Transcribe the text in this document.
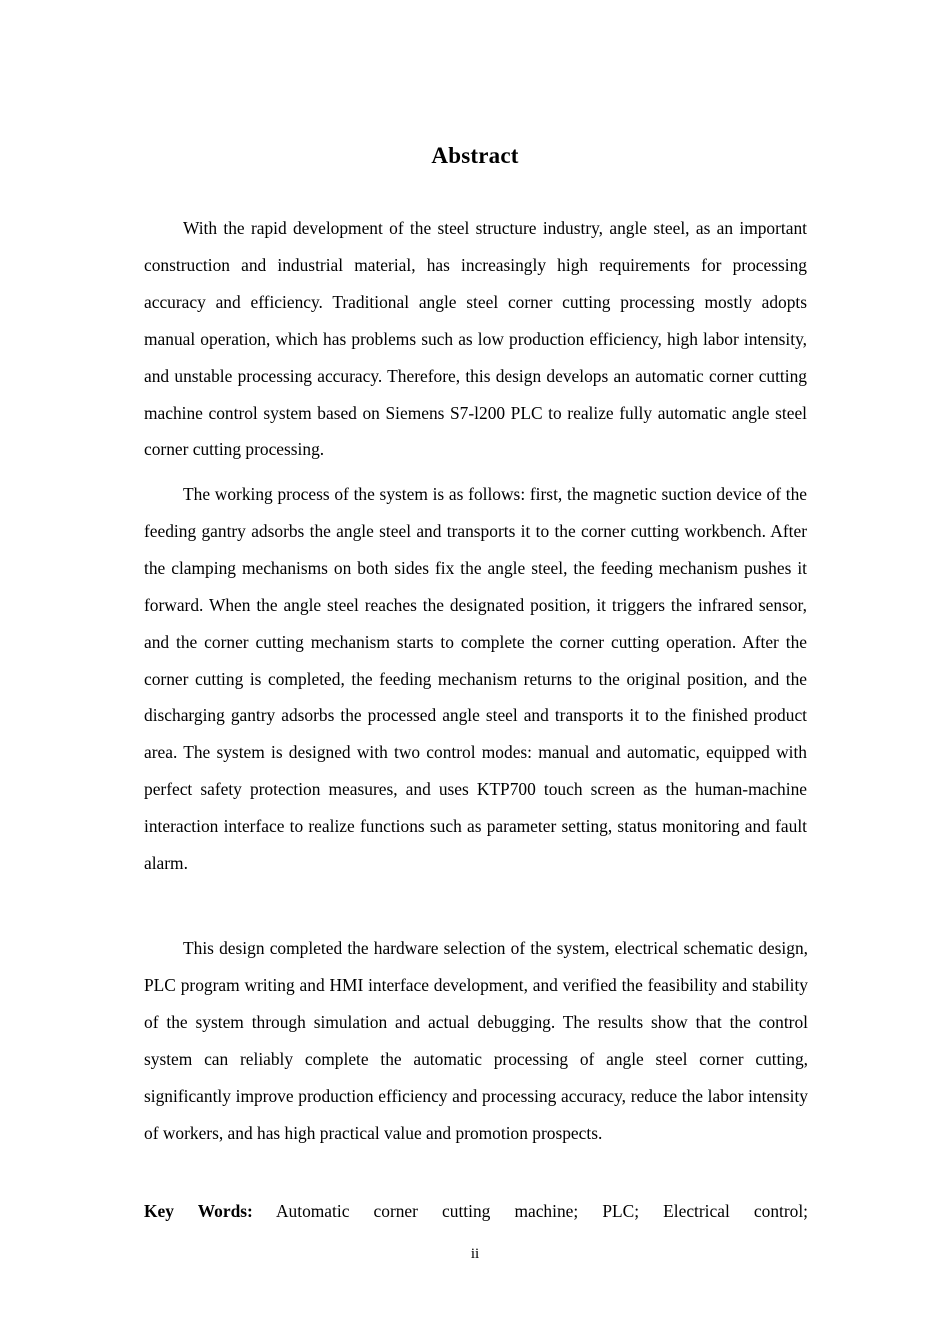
Abstract

With the rapid development of the steel structure industry, angle steel, as an important construction and industrial material, has increasingly high requirements for processing accuracy and efficiency. Traditional angle steel corner cutting processing mostly adopts manual operation, which has problems such as low production efficiency, high labor intensity, and unstable processing accuracy. Therefore, this design develops an automatic corner cutting machine control system based on Siemens S7-l200 PLC to realize fully automatic angle steel corner cutting processing.

The working process of the system is as follows: first, the magnetic suction device of the feeding gantry adsorbs the angle steel and transports it to the corner cutting workbench. After the clamping mechanisms on both sides fix the angle steel, the feeding mechanism pushes it forward. When the angle steel reaches the designated position, it triggers the infrared sensor, and the corner cutting mechanism starts to complete the corner cutting operation. After the corner cutting is completed, the feeding mechanism returns to the original position, and the discharging gantry adsorbs the processed angle steel and transports it to the finished product area. The system is designed with two control modes: manual and automatic, equipped with perfect safety protection measures, and uses KTP700 touch screen as the human-machine interaction interface to realize functions such as parameter setting, status monitoring and fault alarm.

This design completed the hardware selection of the system, electrical schematic design, PLC program writing and HMI interface development, and verified the feasibility and stability of the system through simulation and actual debugging. The results show that the control system can reliably complete the automatic processing of angle steel corner cutting, significantly improve production efficiency and processing accuracy, reduce the labor intensity of workers, and has high practical value and promotion prospects.

Key Words: Automatic corner cutting machine; PLC; Electrical control;

ii
